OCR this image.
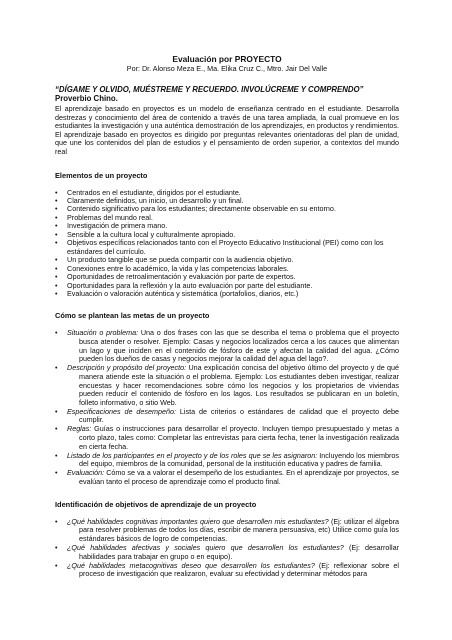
Evaluación por PROYECTO
Por: Dr. Alonso Meza E., Ma. Elika Cruz C., Mtro. Jair Del Valle
“DÍGAME Y OLVIDO, MUÉSTREME Y RECUERDO. INVOLÚCREME Y COMPRENDO” Proverbio Chino.

El aprendizaje basado en proyectos es un modelo de enseñanza centrado en el estudiante. Desarrolla destrezas y conocimiento del área de contenido a través de una tarea ampliada, la cual promueve en los estudiantes la investigación y una auténtica demostración de los aprendizajes, en productos y rendimientos. El aprendizaje basado en proyectos es dirigido por preguntas relevantes orientadoras del plan de unidad, que une los contenidos del plan de estudios y el pensamiento de orden superior, a contextos del mundo real

Elementos de un proyecto
• Centrados en el estudiante, dirigidos por el estudiante.
• Claramente definidos, un inicio, un desarrollo y un final.
• Contenido significativo para los estudiantes; directamente observable en su entorno.
• Problemas del mundo real.
• Investigación de primera mano.
• Sensible a la cultura local y culturalmente apropiado.
• Objetivos específicos relacionados tanto con el Proyecto Educativo Institucional (PEI) como con los estándares del currículo.
• Un producto tangible que se pueda compartir con la audiencia objetivo.
• Conexiones entre lo académico, la vida y las competencias laborales.
• Oportunidades de retroalimentación y evaluación por parte de expertos.
• Oportunidades para la reflexión y la auto evaluación por parte del estudiante.
• Evaluación o valoración auténtica y sistemática (portafolios, diarios, etc.)
Cómo se plantean las metas de un proyecto
• Situación o problema: Una o dos frases con las que se describa el tema o problema que el proyecto busca atender o resolver. Ejemplo: Casas y negocios localizados cerca a los cauces que alimentan un lago y que inciden en el contenido de fósforo de este y afectan la calidad del agua. ¿Cómo pueden los dueños de casas y negocios mejorar la calidad del agua del lago?.
• Descripción y propósito del proyecto: Una explicación concisa del objetivo último del proyecto y de qué manera atiende este la situación o el problema. Ejemplo: Los estudiantes deben investigar, realizar encuestas y hacer recomendaciones sobre cómo los negocios y los propietarios de viviendas pueden reducir el contenido de fósforo en los lagos. Los resultados se publicaran en un boletín, folleto informativo, o sitio Web.
• Especificaciones de desempeño: Lista de criterios o estándares de calidad que el proyecto debe cumplir.
• Reglas: Guías o instrucciones para desarrollar el proyecto. Incluyen tiempo presupuestado y metas a corto plazo, tales como: Completar las entrevistas para cierta fecha, tener la investigación realizada en cierta fecha.
• Listado de los participantes en el proyecto y de los roles que se les asignaron: Incluyendo los miembros del equipo, miembros de la comunidad, personal de la institución educativa y padres de familia.
• Evaluación: Cómo se va a valorar el desempeño de los estudiantes. En el aprendizaje por proyectos, se evalúan tanto el proceso de aprendizaje como el producto final.
Identificación de objetivos de aprendizaje de un proyecto
• ¿Qué habilidades cognitivas importantes quiero que desarrollen mis estudiantes? (Ej: utilizar el álgebra para resolver problemas de todos los días, escribir de manera persuasiva, etc) Utilice como guía los estándares básicos de logro de competencias.
• ¿Qué habilidades afectivas y sociales quiero que desarrollen los estudiantes? (Ej: desarrollar habilidades para trabajar en grupo o en equipo).
• ¿Qué habilidades metacognitivas deseo que desarrollen los estudiantes? (Ej: reflexionar sobre el proceso de investigación que realizaron, evaluar su efectividad y determinar métodos para
